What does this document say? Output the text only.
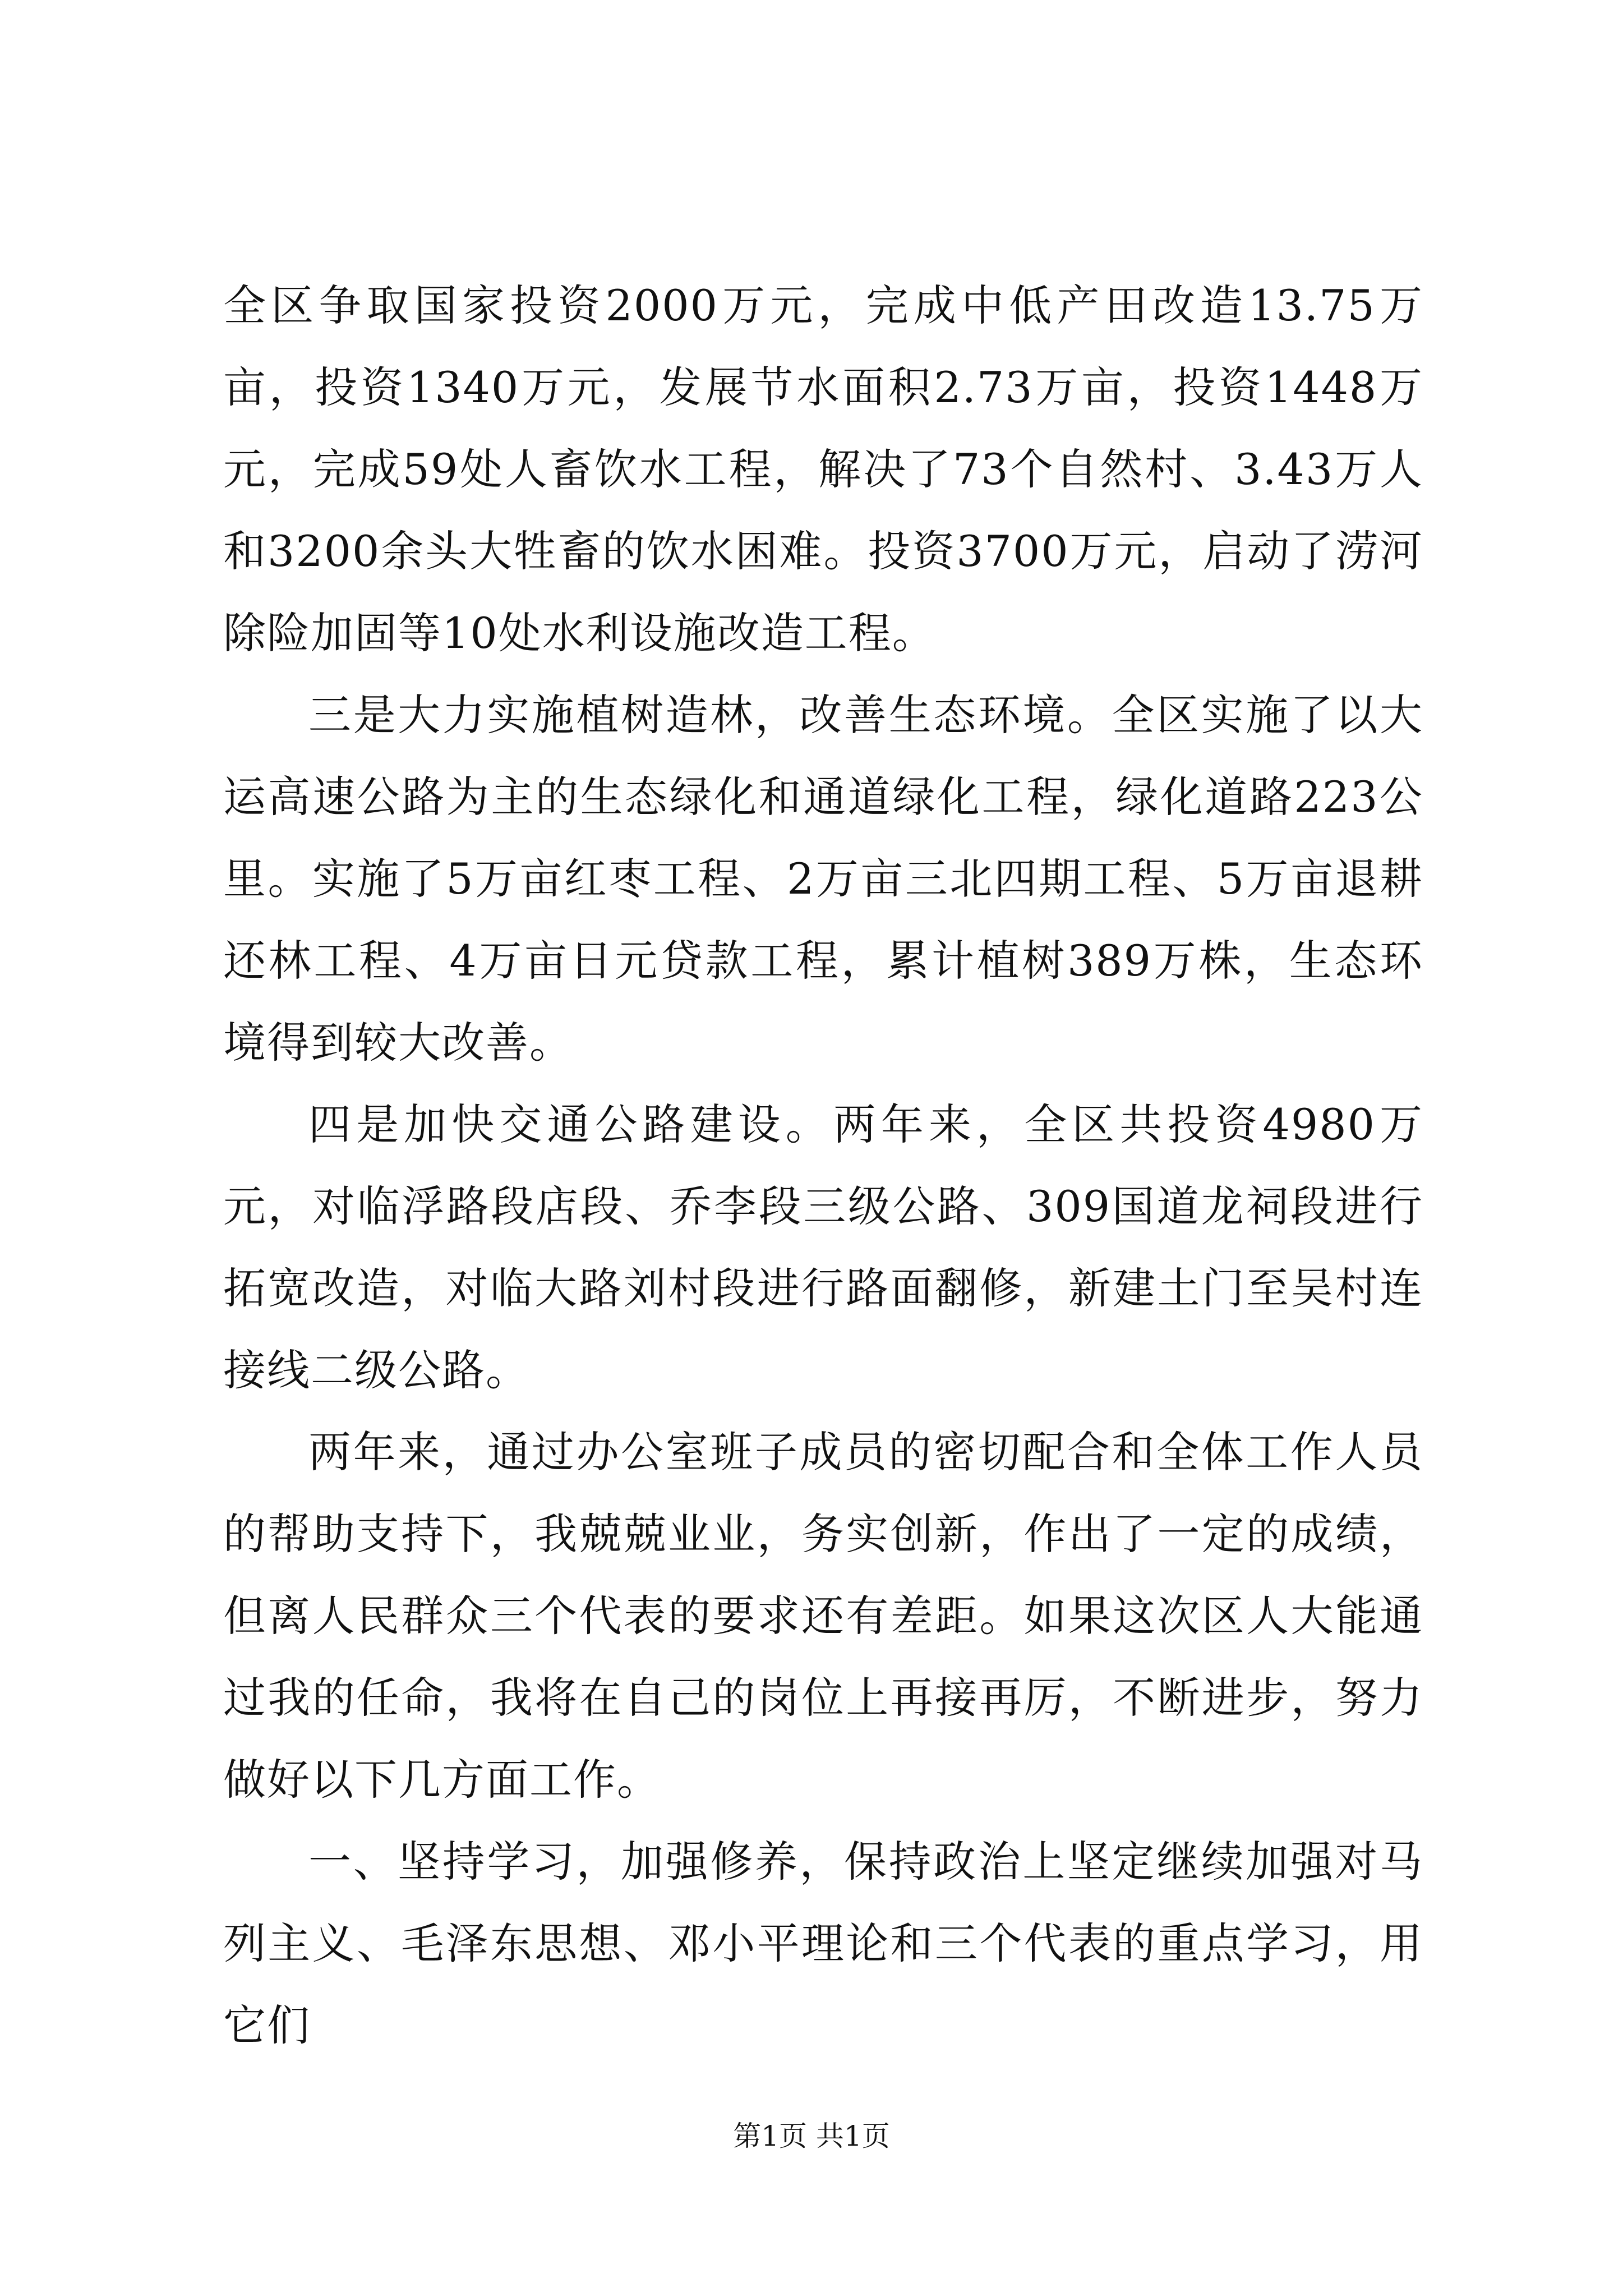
全区争取国家投资2000万元，完成中低产田改造13.75万亩，投资1340万元，发展节水面积2.73万亩，投资1448万元，完成59处人畜饮水工程，解决了73个自然村、3.43万人和3200余头大牲畜的饮水困难。投资3700万元，启动了涝河除险加固等10处水利设施改造工程。

三是大力实施植树造林，改善生态环境。全区实施了以大运高速公路为主的生态绿化和通道绿化工程，绿化道路223公里。实施了5万亩红枣工程、2万亩三北四期工程、5万亩退耕还林工程、4万亩日元贷款工程，累计植树389万株，生态环境得到较大改善。

四是加快交通公路建设。两年来，全区共投资4980万元，对临浮路段店段、乔李段三级公路、309国道龙祠段进行拓宽改造，对临大路刘村段进行路面翻修，新建土门至吴村连接线二级公路。

两年来，通过办公室班子成员的密切配合和全体工作人员的帮助支持下，我兢兢业业，务实创新，作出了一定的成绩，但离人民群众三个代表的要求还有差距。如果这次区人大能通过我的任命，我将在自己的岗位上再接再厉，不断进步，努力做好以下几方面工作。

一、坚持学习，加强修养，保持政治上坚定继续加强对马列主义、毛泽东思想、邓小平理论和三个代表的重点学习，用它们

第1页 共1页
